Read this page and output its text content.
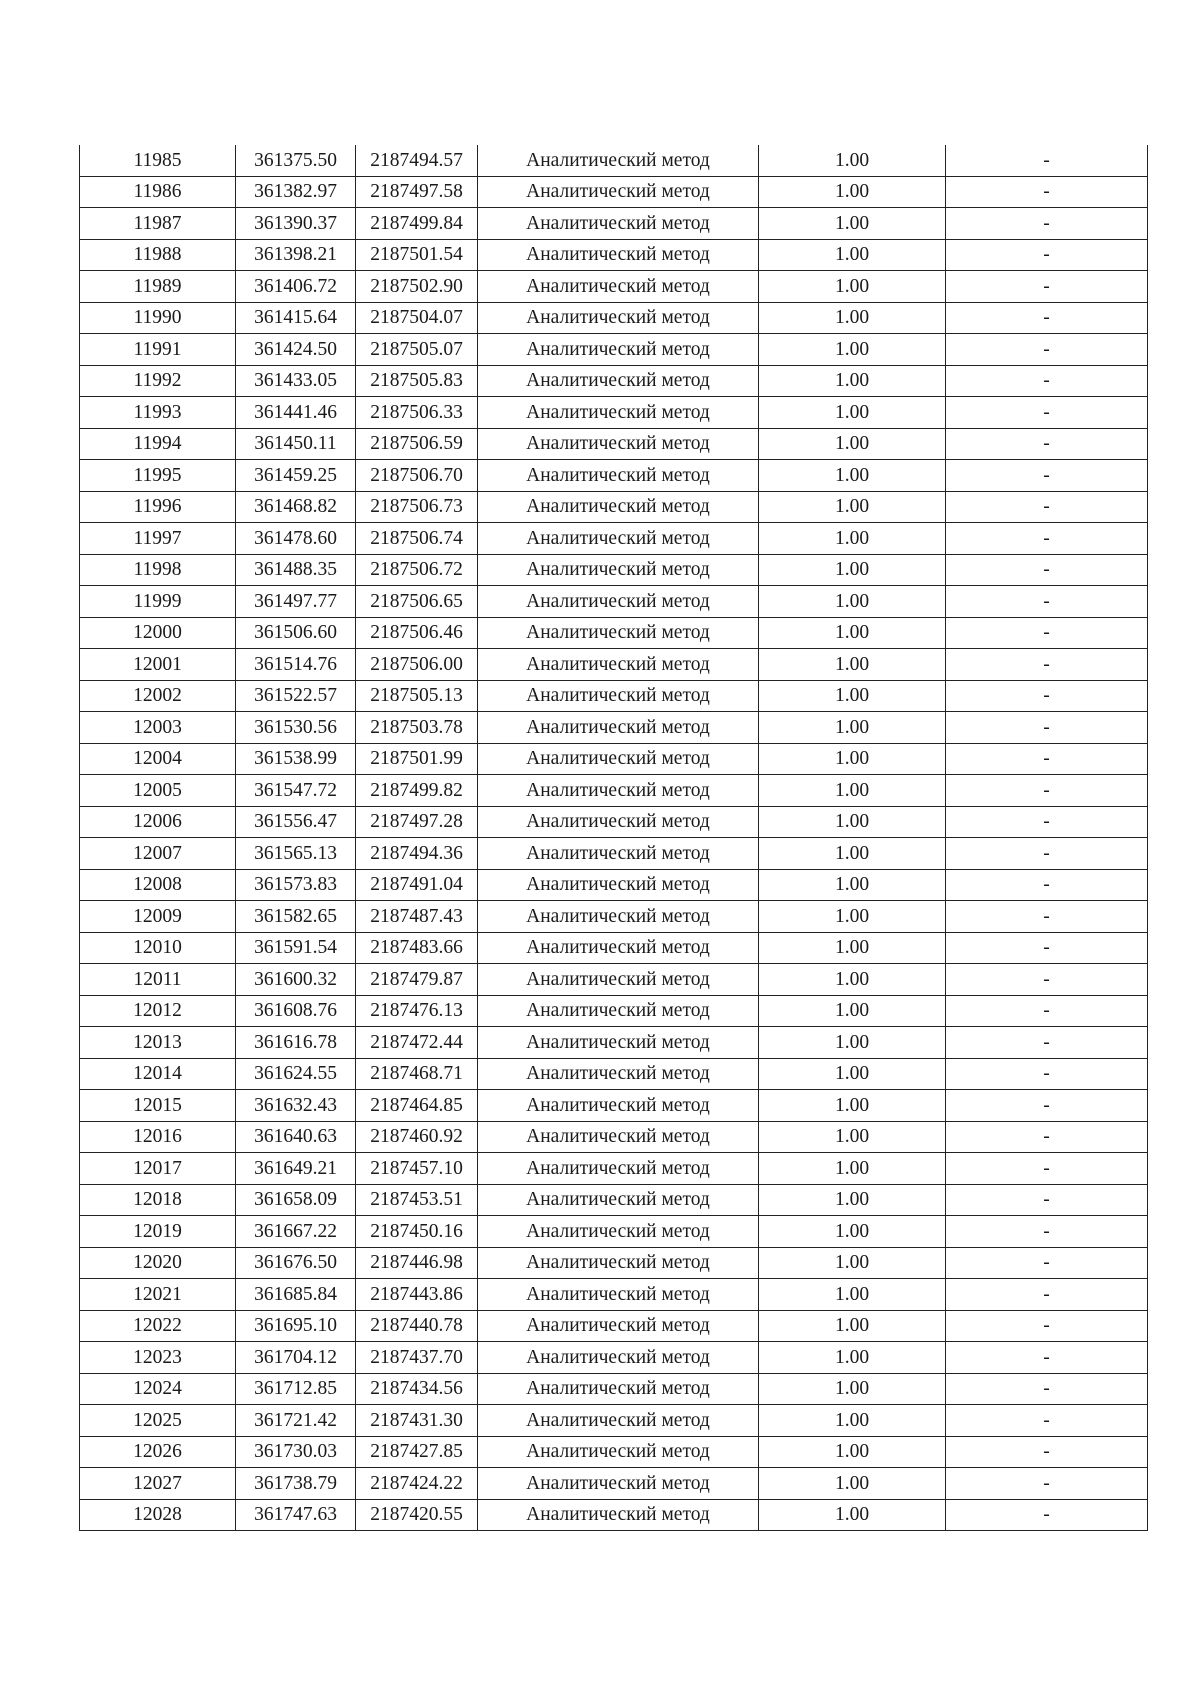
11985	361375.50	2187494.57	Аналитический метод	1.00	-
11986	361382.97	2187497.58	Аналитический метод	1.00	-
11987	361390.37	2187499.84	Аналитический метод	1.00	-
11988	361398.21	2187501.54	Аналитический метод	1.00	-
11989	361406.72	2187502.90	Аналитический метод	1.00	-
11990	361415.64	2187504.07	Аналитический метод	1.00	-
11991	361424.50	2187505.07	Аналитический метод	1.00	-
11992	361433.05	2187505.83	Аналитический метод	1.00	-
11993	361441.46	2187506.33	Аналитический метод	1.00	-
11994	361450.11	2187506.59	Аналитический метод	1.00	-
11995	361459.25	2187506.70	Аналитический метод	1.00	-
11996	361468.82	2187506.73	Аналитический метод	1.00	-
11997	361478.60	2187506.74	Аналитический метод	1.00	-
11998	361488.35	2187506.72	Аналитический метод	1.00	-
11999	361497.77	2187506.65	Аналитический метод	1.00	-
12000	361506.60	2187506.46	Аналитический метод	1.00	-
12001	361514.76	2187506.00	Аналитический метод	1.00	-
12002	361522.57	2187505.13	Аналитический метод	1.00	-
12003	361530.56	2187503.78	Аналитический метод	1.00	-
12004	361538.99	2187501.99	Аналитический метод	1.00	-
12005	361547.72	2187499.82	Аналитический метод	1.00	-
12006	361556.47	2187497.28	Аналитический метод	1.00	-
12007	361565.13	2187494.36	Аналитический метод	1.00	-
12008	361573.83	2187491.04	Аналитический метод	1.00	-
12009	361582.65	2187487.43	Аналитический метод	1.00	-
12010	361591.54	2187483.66	Аналитический метод	1.00	-
12011	361600.32	2187479.87	Аналитический метод	1.00	-
12012	361608.76	2187476.13	Аналитический метод	1.00	-
12013	361616.78	2187472.44	Аналитический метод	1.00	-
12014	361624.55	2187468.71	Аналитический метод	1.00	-
12015	361632.43	2187464.85	Аналитический метод	1.00	-
12016	361640.63	2187460.92	Аналитический метод	1.00	-
12017	361649.21	2187457.10	Аналитический метод	1.00	-
12018	361658.09	2187453.51	Аналитический метод	1.00	-
12019	361667.22	2187450.16	Аналитический метод	1.00	-
12020	361676.50	2187446.98	Аналитический метод	1.00	-
12021	361685.84	2187443.86	Аналитический метод	1.00	-
12022	361695.10	2187440.78	Аналитический метод	1.00	-
12023	361704.12	2187437.70	Аналитический метод	1.00	-
12024	361712.85	2187434.56	Аналитический метод	1.00	-
12025	361721.42	2187431.30	Аналитический метод	1.00	-
12026	361730.03	2187427.85	Аналитический метод	1.00	-
12027	361738.79	2187424.22	Аналитический метод	1.00	-
12028	361747.63	2187420.55	Аналитический метод	1.00	-
